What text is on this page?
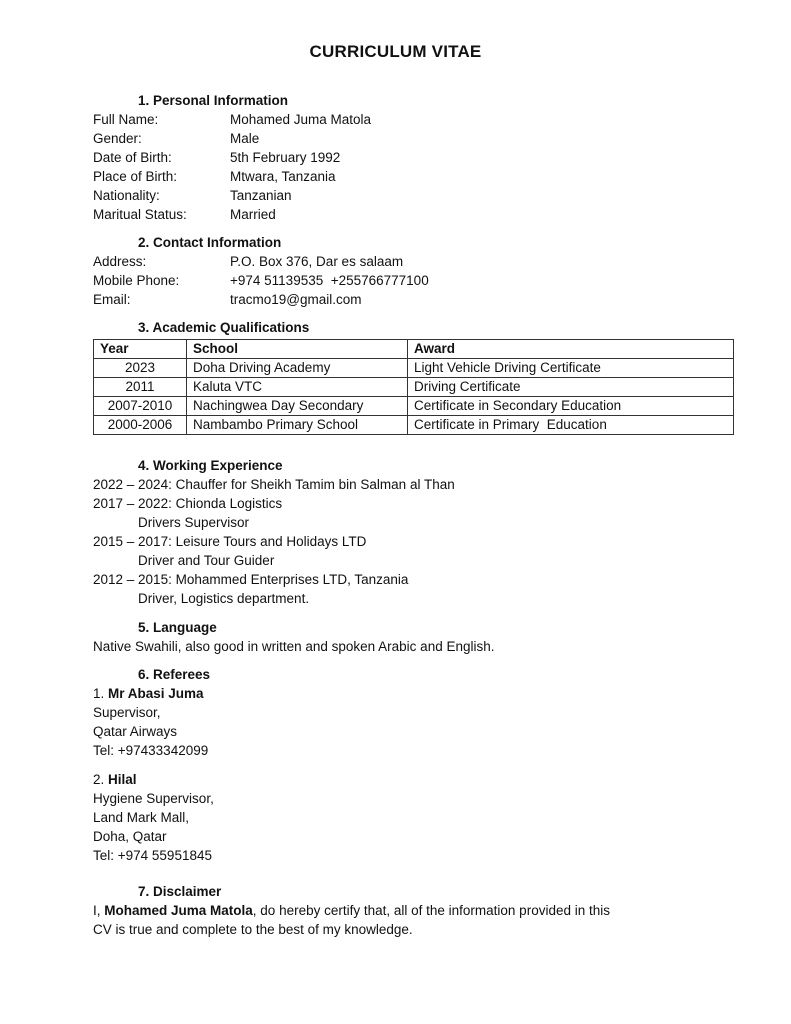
CURRICULUM VITAE
1. Personal Information
Full Name:	Mohamed Juma Matola
Gender:	Male
Date of Birth:	5th February 1992
Place of Birth:	Mtwara, Tanzania
Nationality:	Tanzanian
Maritual Status:	Married
2. Contact Information
Address:	P.O. Box 376, Dar es salaam
Mobile Phone:	+974 51139535  +255766777100
Email:	tracmo19@gmail.com
3. Academic Qualifications
Year	School	Award
2023	Doha Driving Academy	Light Vehicle Driving Certificate
2011	Kaluta VTC	Driving Certificate
2007-2010	Nachingwea Day Secondary	Certificate in Secondary Education
2000-2006	Nambambo Primary School	Certificate in Primary  Education
4. Working Experience
2022 – 2024: Chauffer for Sheikh Tamim bin Salman al Than
2017 – 2022: Chionda Logistics
Drivers Supervisor
2015 – 2017: Leisure Tours and Holidays LTD
Driver and Tour Guider
2012 – 2015: Mohammed Enterprises LTD, Tanzania
Driver, Logistics department.
5. Language
Native Swahili, also good in written and spoken Arabic and English.
6. Referees
1. Mr Abasi Juma
Supervisor,
Qatar Airways
Tel: +97433342099
2. Hilal
Hygiene Supervisor,
Land Mark Mall,
Doha, Qatar
Tel: +974 55951845
7. Disclaimer
I, Mohamed Juma Matola, do hereby certify that, all of the information provided in this
CV is true and complete to the best of my knowledge.
